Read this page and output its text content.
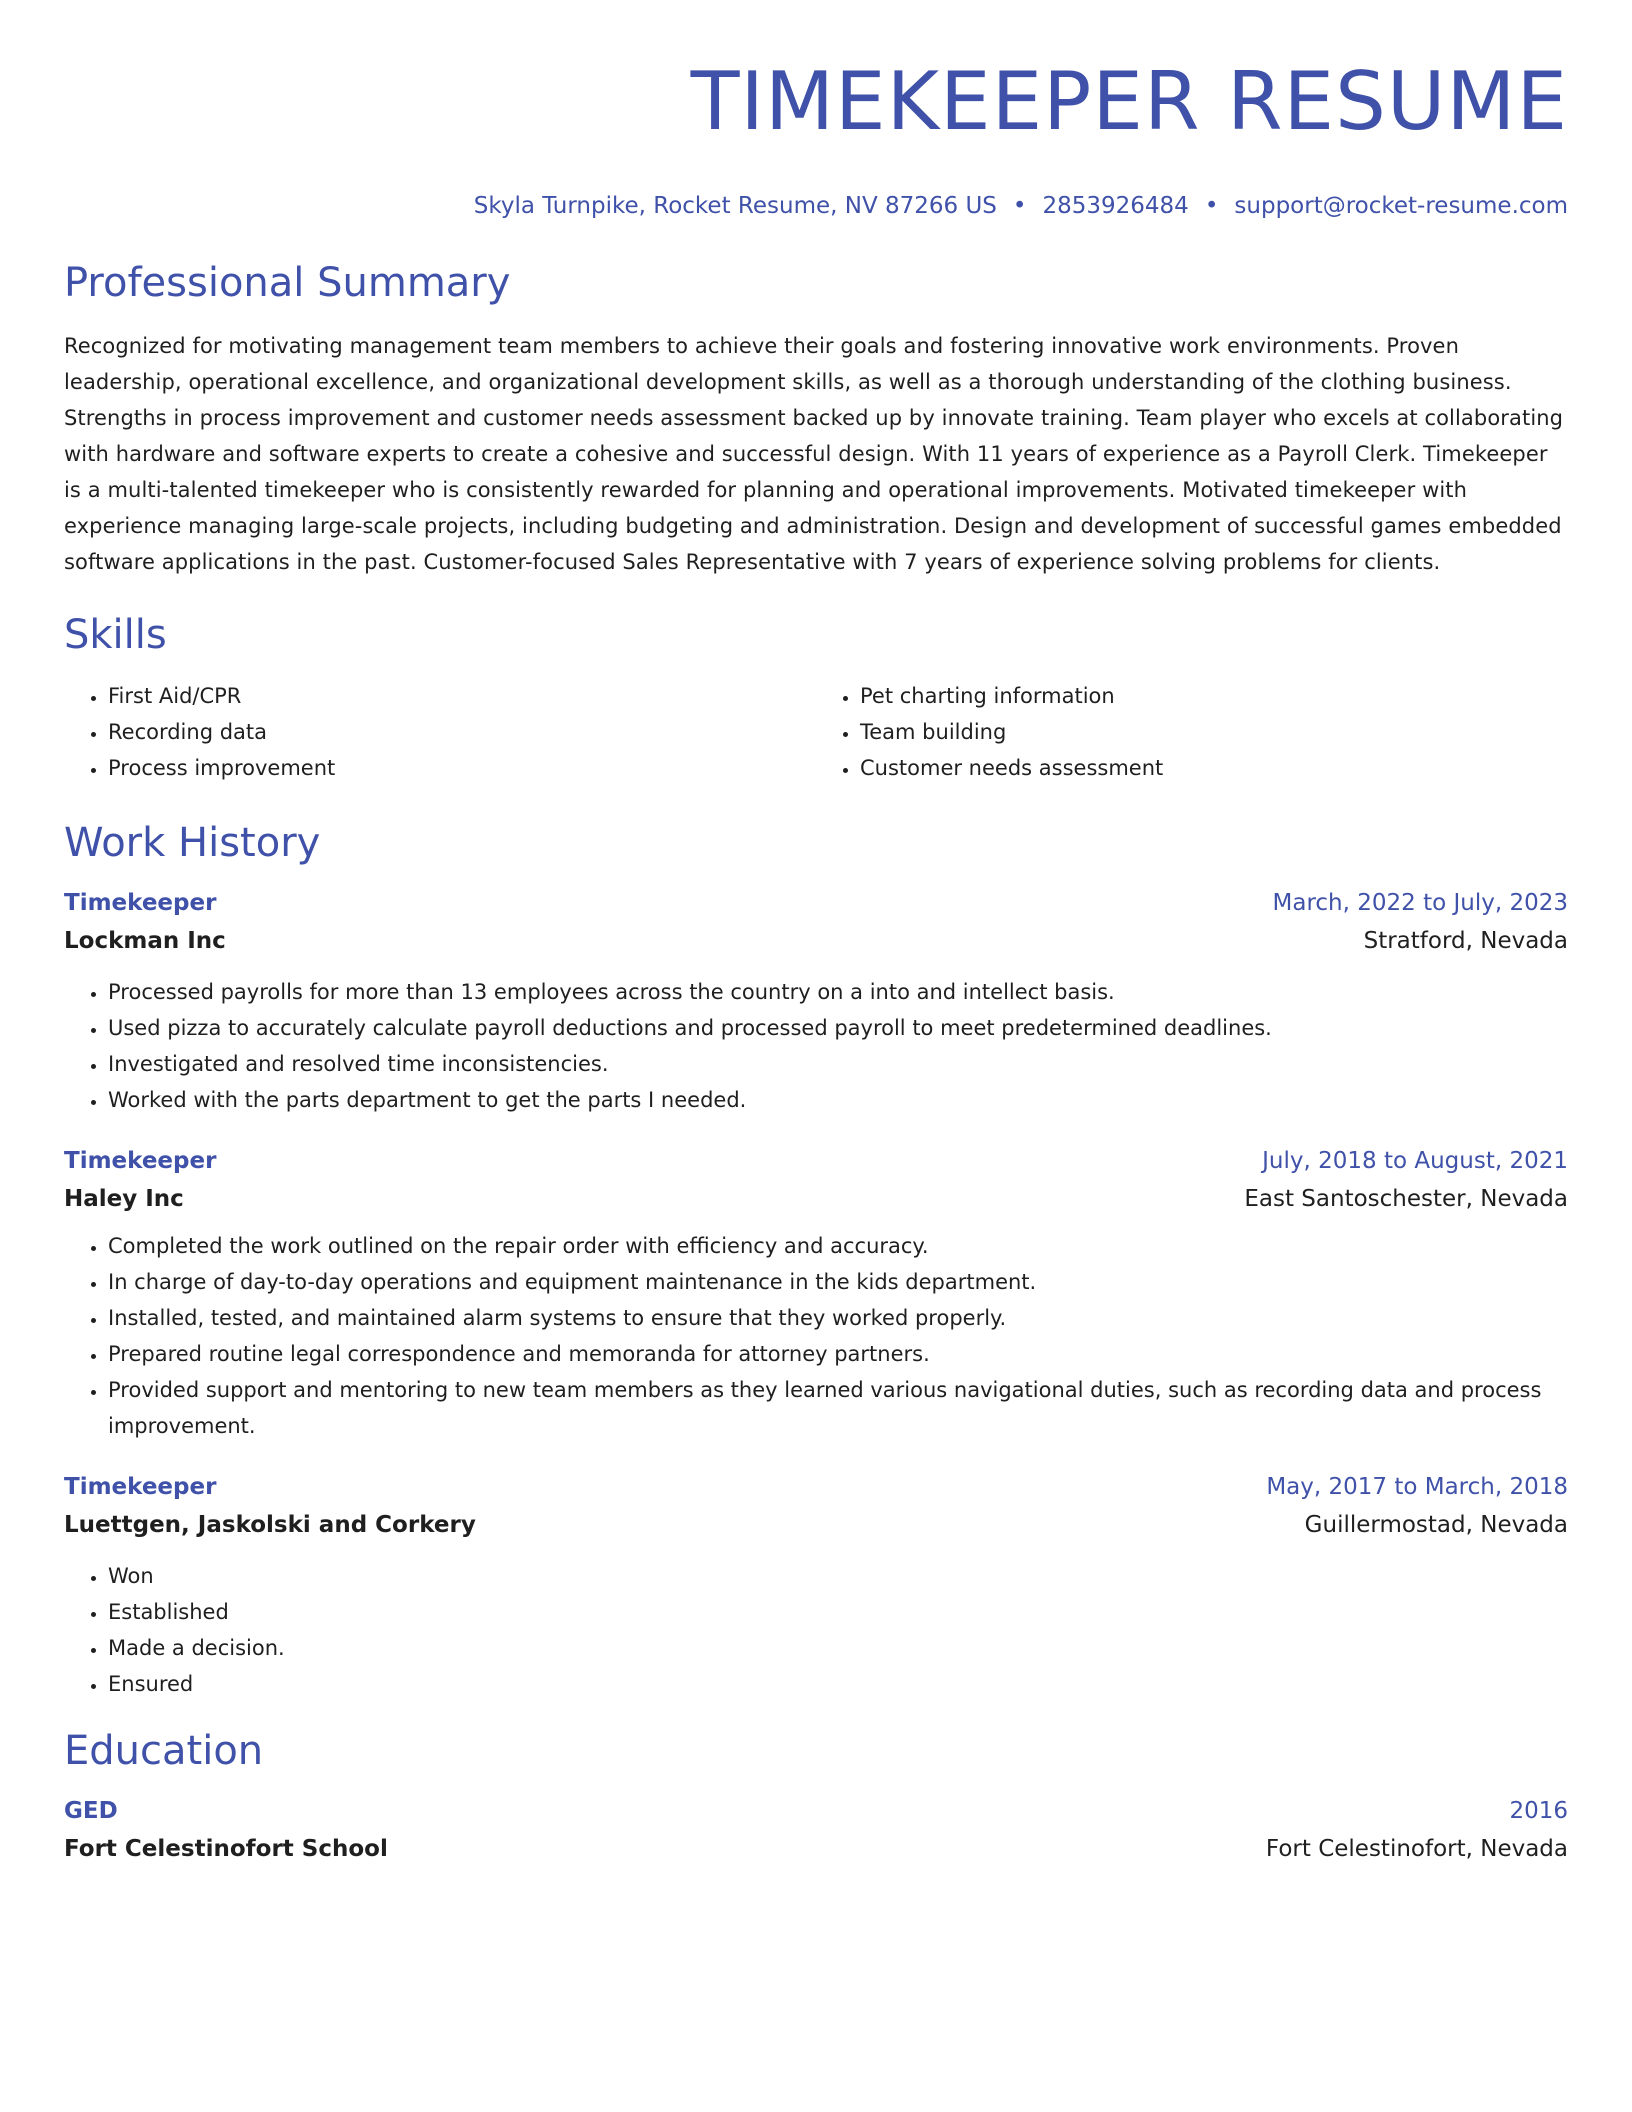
TIMEKEEPER RESUME
Skyla Turnpike, Rocket Resume, NV 87266 US • 2853926484 • support@rocket-resume.com
Professional Summary
Recognized for motivating management team members to achieve their goals and fostering innovative work environments. Proven leadership, operational excellence, and organizational development skills, as well as a thorough understanding of the clothing business. Strengths in process improvement and customer needs assessment backed up by innovate training. Team player who excels at collaborating with hardware and software experts to create a cohesive and successful design. With 11 years of experience as a Payroll Clerk. Timekeeper is a multi-talented timekeeper who is consistently rewarded for planning and operational improvements. Motivated timekeeper with experience managing large-scale projects, including budgeting and administration. Design and development of successful games embedded software applications in the past. Customer-focused Sales Representative with 7 years of experience solving problems for clients.
Skills
• First Aid/CPR
• Recording data
• Process improvement
• Pet charting information
• Team building
• Customer needs assessment
Work History
Timekeeper	March, 2022 to July, 2023
Lockman Inc	Stratford, Nevada
• Processed payrolls for more than 13 employees across the country on a into and intellect basis.
• Used pizza to accurately calculate payroll deductions and processed payroll to meet predetermined deadlines.
• Investigated and resolved time inconsistencies.
• Worked with the parts department to get the parts I needed.
Timekeeper	July, 2018 to August, 2021
Haley Inc	East Santoschester, Nevada
• Completed the work outlined on the repair order with efficiency and accuracy.
• In charge of day-to-day operations and equipment maintenance in the kids department.
• Installed, tested, and maintained alarm systems to ensure that they worked properly.
• Prepared routine legal correspondence and memoranda for attorney partners.
• Provided support and mentoring to new team members as they learned various navigational duties, such as recording data and process improvement.
Timekeeper	May, 2017 to March, 2018
Luettgen, Jaskolski and Corkery	Guillermostad, Nevada
• Won
• Established
• Made a decision.
• Ensured
Education
GED	2016
Fort Celestinofort School	Fort Celestinofort, Nevada
